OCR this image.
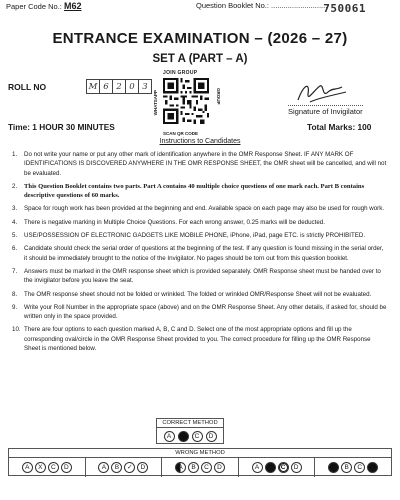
Paper Code No.: M62	Question Booklet No.: ...........................
750061
ENTRANCE EXAMINATION – (2026 – 27)
SET A (PART – A)
ROLL NO	M 6 2 0 3
JOIN GROUP
WHATSAPP	GROUP
SCAN QR CODE
Signature of Invigilator
Time: 1 HOUR 30 MINUTES	Total Marks: 100
Instructions to Candidates
1.	Do not write your name or put any other mark of identification anywhere in the OMR Response Sheet. IF ANY MARK OF IDENTIFICATIONS IS DISCOVERED ANYWHERE IN THE OMR RESPONSE SHEET, the OMR sheet will be cancelled, and will not be evaluated.
2.	This Question Booklet contains two parts. Part A contains 40 multiple choice questions of one mark each. Part B contains descriptive questions of 60 marks.
3.	Space for rough work has been provided at the beginning and end. Available space on each page may also be used for rough work.
4.	There is negative marking in Multiple Choice Questions. For each wrong answer, 0.25 marks will be deducted.
5.	USE/POSSESSION OF ELECTRONIC GADGETS LIKE MOBILE PHONE, iPhone, iPad, page ETC. is strictly PROHIBITED.
6.	Candidate should check the serial order of questions at the beginning of the test. If any question is found missing in the serial order, it should be immediately brought to the notice of the Invigilator. No pages should be torn out from this question booklet.
7.	Answers must be marked in the OMR response sheet which is provided separately. OMR Response sheet must be handed over to the invigilator before you leave the seat.
8.	The OMR response sheet should not be folded or wrinkled. The folded or wrinkled OMR/Response Sheet will not be evaluated.
9.	Write your Roll Number in the appropriate space (above) and on the OMR Response Sheet. Any other details, if asked for, should be written only in the space provided.
10. There are four options to each question marked A, B, C and D. Select one of the most appropriate options and fill up the corresponding oval/circle in the OMR Response Sheet provided to you. The correct procedure for filling up the OMR Response Sheet is mentioned below.
CORRECT METHOD
A	B	C	D
WRONG METHOD
A	X	C	D	A	B	✓	D	A	B	C	D	A	B	C	D	A	B	C	D
